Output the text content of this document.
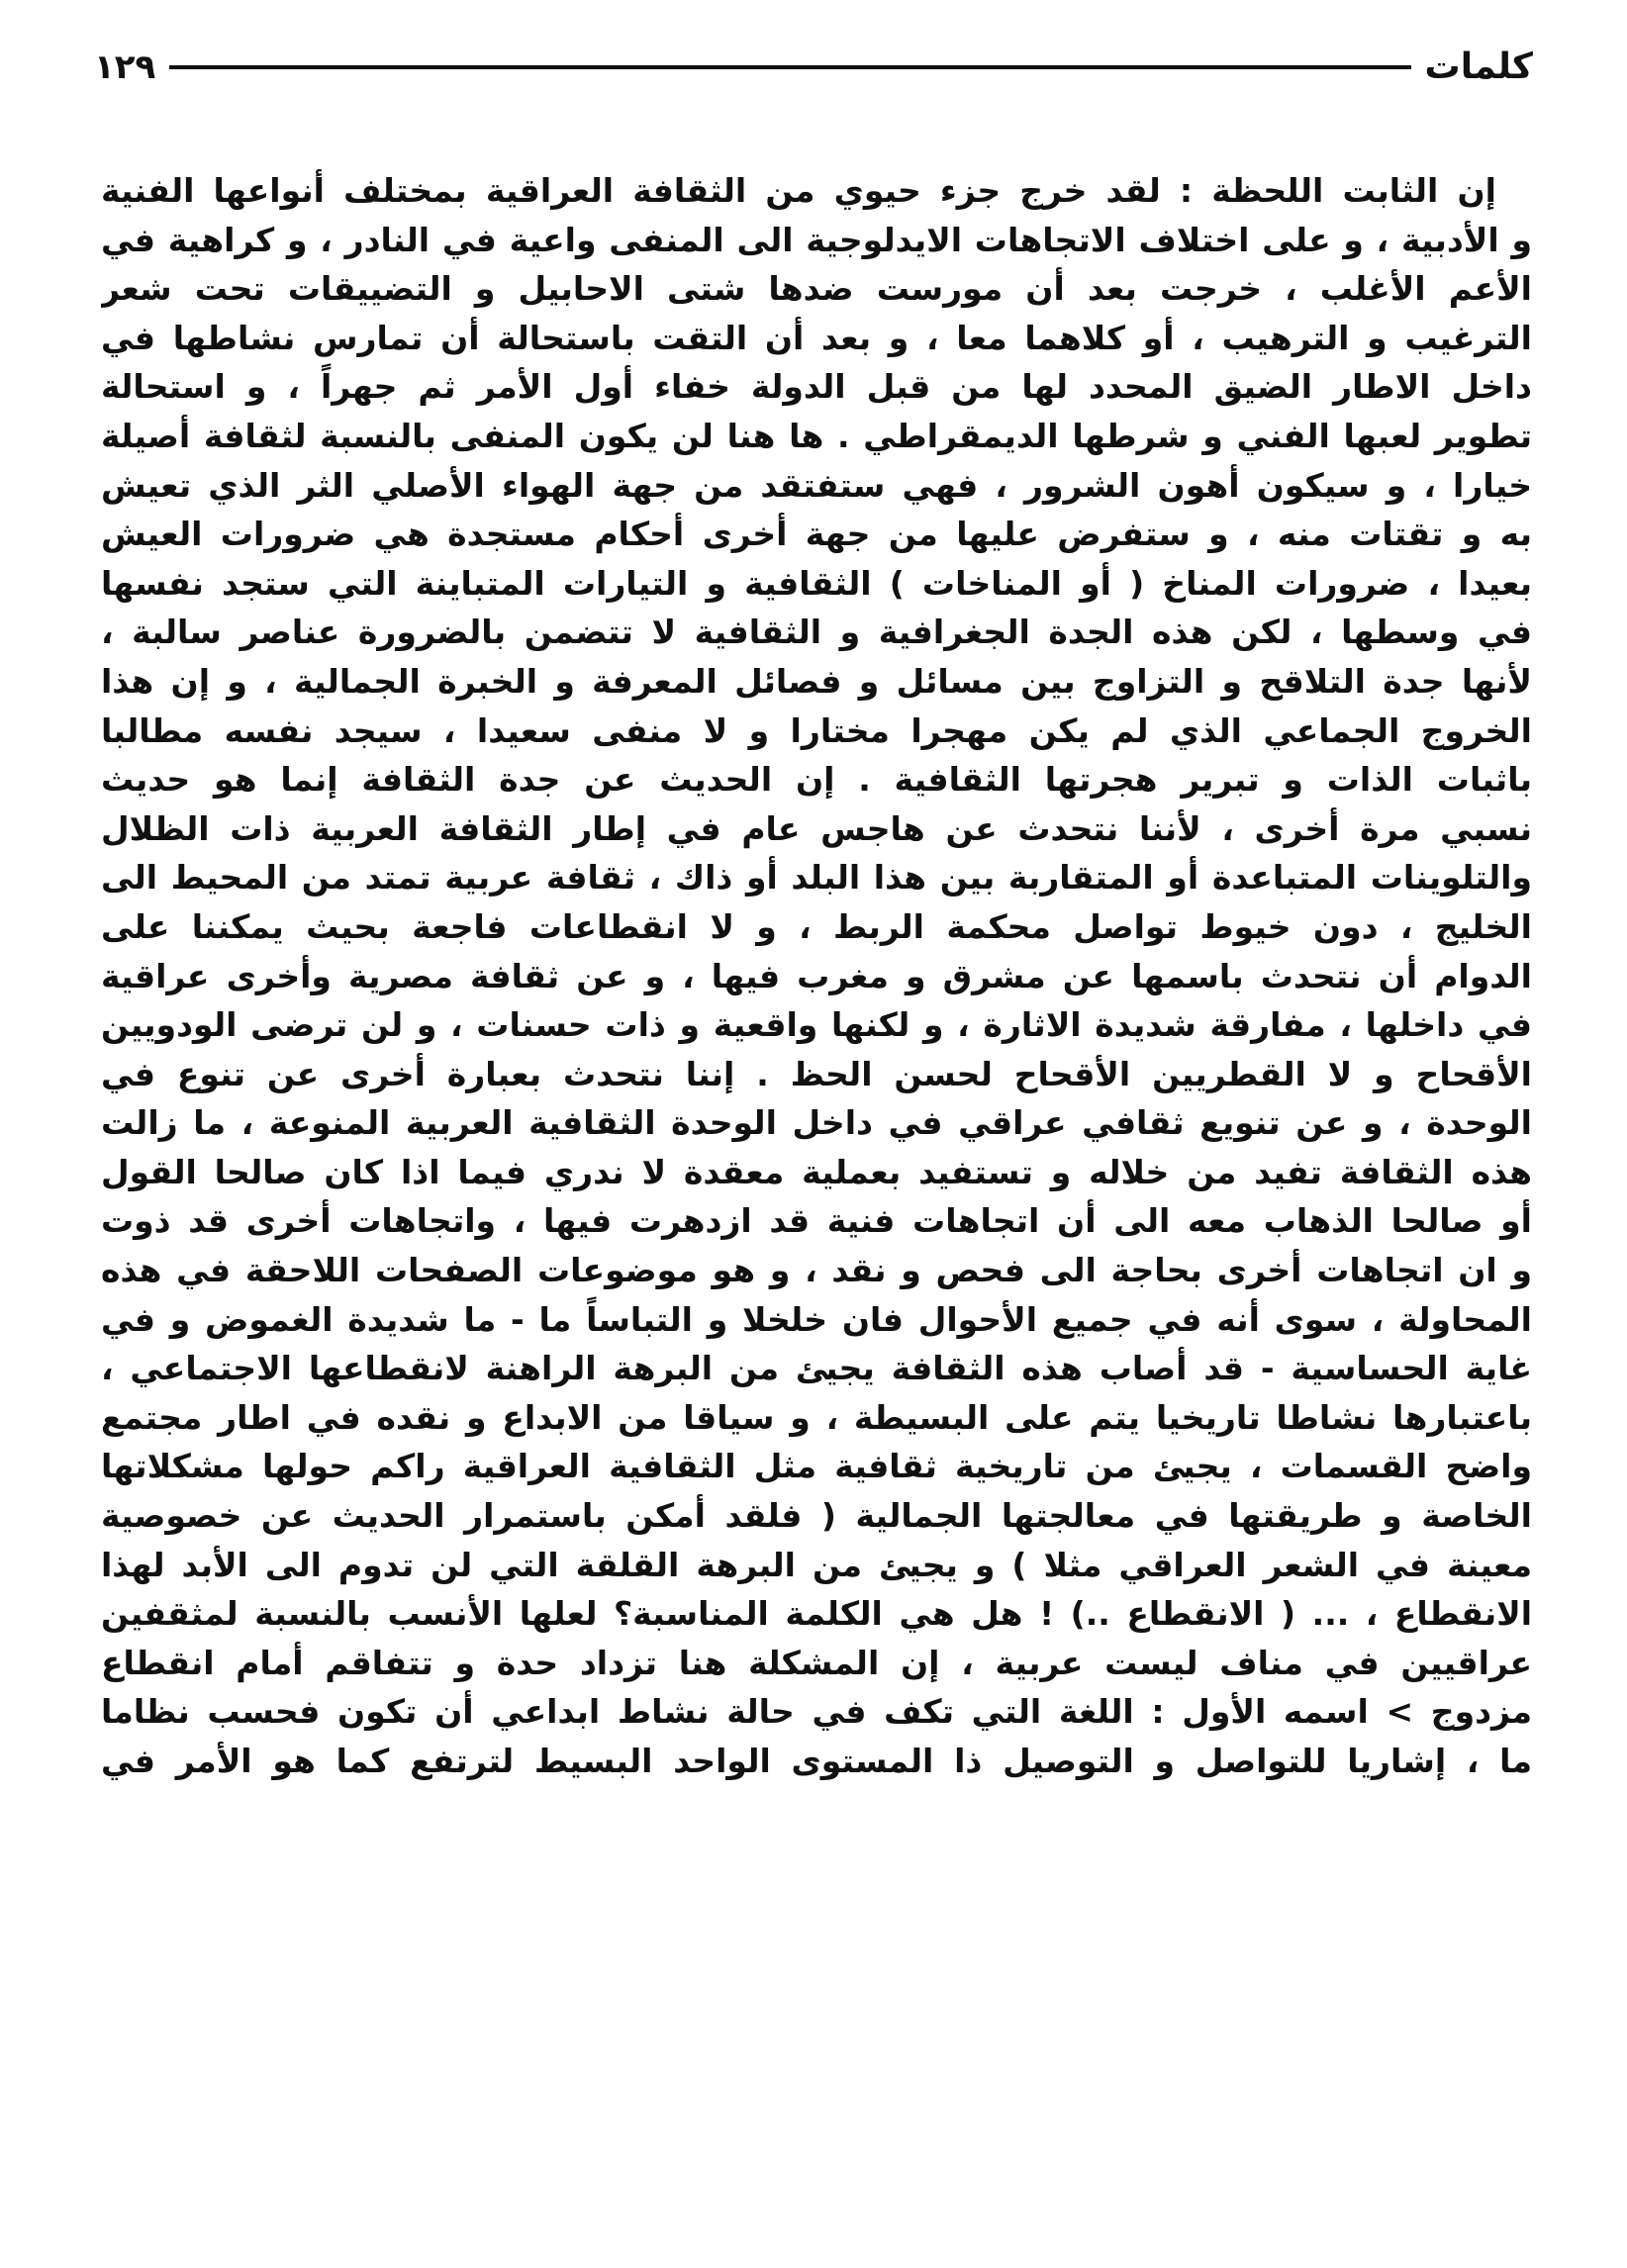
كلمات
١٢٩
إن الثابت اللحظة : لقد خرج جزء حيوي من الثقافة العراقية بمختلف أنواعها الفنية
و الأدبية ، و على اختلاف الاتجاهات الايدلوجية الى المنفى واعية في النادر ، و كراهية في
الأعم الأغلب ، خرجت بعد أن مورست ضدها شتى الاحابيل و التضييقات تحت شعر
الترغيب و الترهيب ، أو كلاهما معا ، و بعد أن التقت باستحالة أن تمارس نشاطها في
داخل الاطار الضيق المحدد لها من قبل الدولة خفاء أول الأمر ثم جهراً ، و استحالة
تطوير لعبها الفني و شرطها الديمقراطي . ها هنا لن يكون المنفى بالنسبة لثقافة أصيلة
خيارا ، و سيكون أهون الشرور ، فهي ستفتقد من جهة الهواء الأصلي الثر الذي تعيش
به و تقتات منه ، و ستفرض عليها من جهة أخرى أحكام مستجدة هي ضرورات العيش
بعيدا ، ضرورات المناخ ( أو المناخات ) الثقافية و التيارات المتباينة التي ستجد نفسها
في وسطها ، لكن هذه الجدة الجغرافية و الثقافية لا تتضمن بالضرورة عناصر سالبة ،
لأنها جدة التلاقح و التزاوج بين مسائل و فصائل المعرفة و الخبرة الجمالية ، و إن هذا
الخروج الجماعي الذي لم يكن مهجرا مختارا و لا منفى سعيدا ، سيجد نفسه مطالبا
باثبات الذات و تبرير هجرتها الثقافية . إن الحديث عن جدة الثقافة إنما هو حديث
نسبي مرة أخرى ، لأننا نتحدث عن هاجس عام في إطار الثقافة العربية ذات الظلال
والتلوينات المتباعدة أو المتقاربة بين هذا البلد أو ذاك ، ثقافة عربية تمتد من المحيط الى
الخليج ، دون خيوط تواصل محكمة الربط ، و لا انقطاعات فاجعة بحيث يمكننا على
الدوام أن نتحدث باسمها عن مشرق و مغرب فيها ، و عن ثقافة مصرية وأخرى عراقية
في داخلها ، مفارقة شديدة الاثارة ، و لكنها واقعية و ذات حسنات ، و لن ترضى الودويين
الأقحاح و لا القطريين الأقحاح لحسن الحظ . إننا نتحدث بعبارة أخرى عن تنوع في
الوحدة ، و عن تنويع ثقافي عراقي في داخل الوحدة الثقافية العربية المنوعة ، ما زالت
هذه الثقافة تفيد من خلاله و تستفيد بعملية معقدة لا ندري فيما اذا كان صالحا القول
أو صالحا الذهاب معه الى أن اتجاهات فنية قد ازدهرت فيها ، واتجاهات أخرى قد ذوت
و ان اتجاهات أخرى بحاجة الى فحص و نقد ، و هو موضوعات الصفحات اللاحقة في هذه
المحاولة ، سوى أنه في جميع الأحوال فان خلخلا و التباساً ما - ما شديدة الغموض و في
غاية الحساسية - قد أصاب هذه الثقافة يجيئ من البرهة الراهنة لانقطاعها الاجتماعي ،
باعتبارها نشاطا تاريخيا يتم على البسيطة ، و سياقا من الابداع و نقده في اطار مجتمع
واضح القسمات ، يجيئ من تاريخية ثقافية مثل الثقافية العراقية راكم حولها مشكلاتها
الخاصة و طريقتها في معالجتها الجمالية ( فلقد أمكن باستمرار الحديث عن خصوصية
معينة في الشعر العراقي مثلا ) و يجيئ من البرهة القلقة التي لن تدوم الى الأبد لهذا
الانقطاع ، ... ( الانقطاع ..) ! هل هي الكلمة المناسبة؟ لعلها الأنسب بالنسبة لمثقفين
عراقيين في مناف ليست عربية ، إن المشكلة هنا تزداد حدة و تتفاقم أمام انقطاع
مزدوج > اسمه الأول : اللغة التي تكف في حالة نشاط ابداعي أن تكون فحسب نظاما
ما ، إشاريا للتواصل و التوصيل ذا المستوى الواحد البسيط لترتفع كما هو الأمر في
